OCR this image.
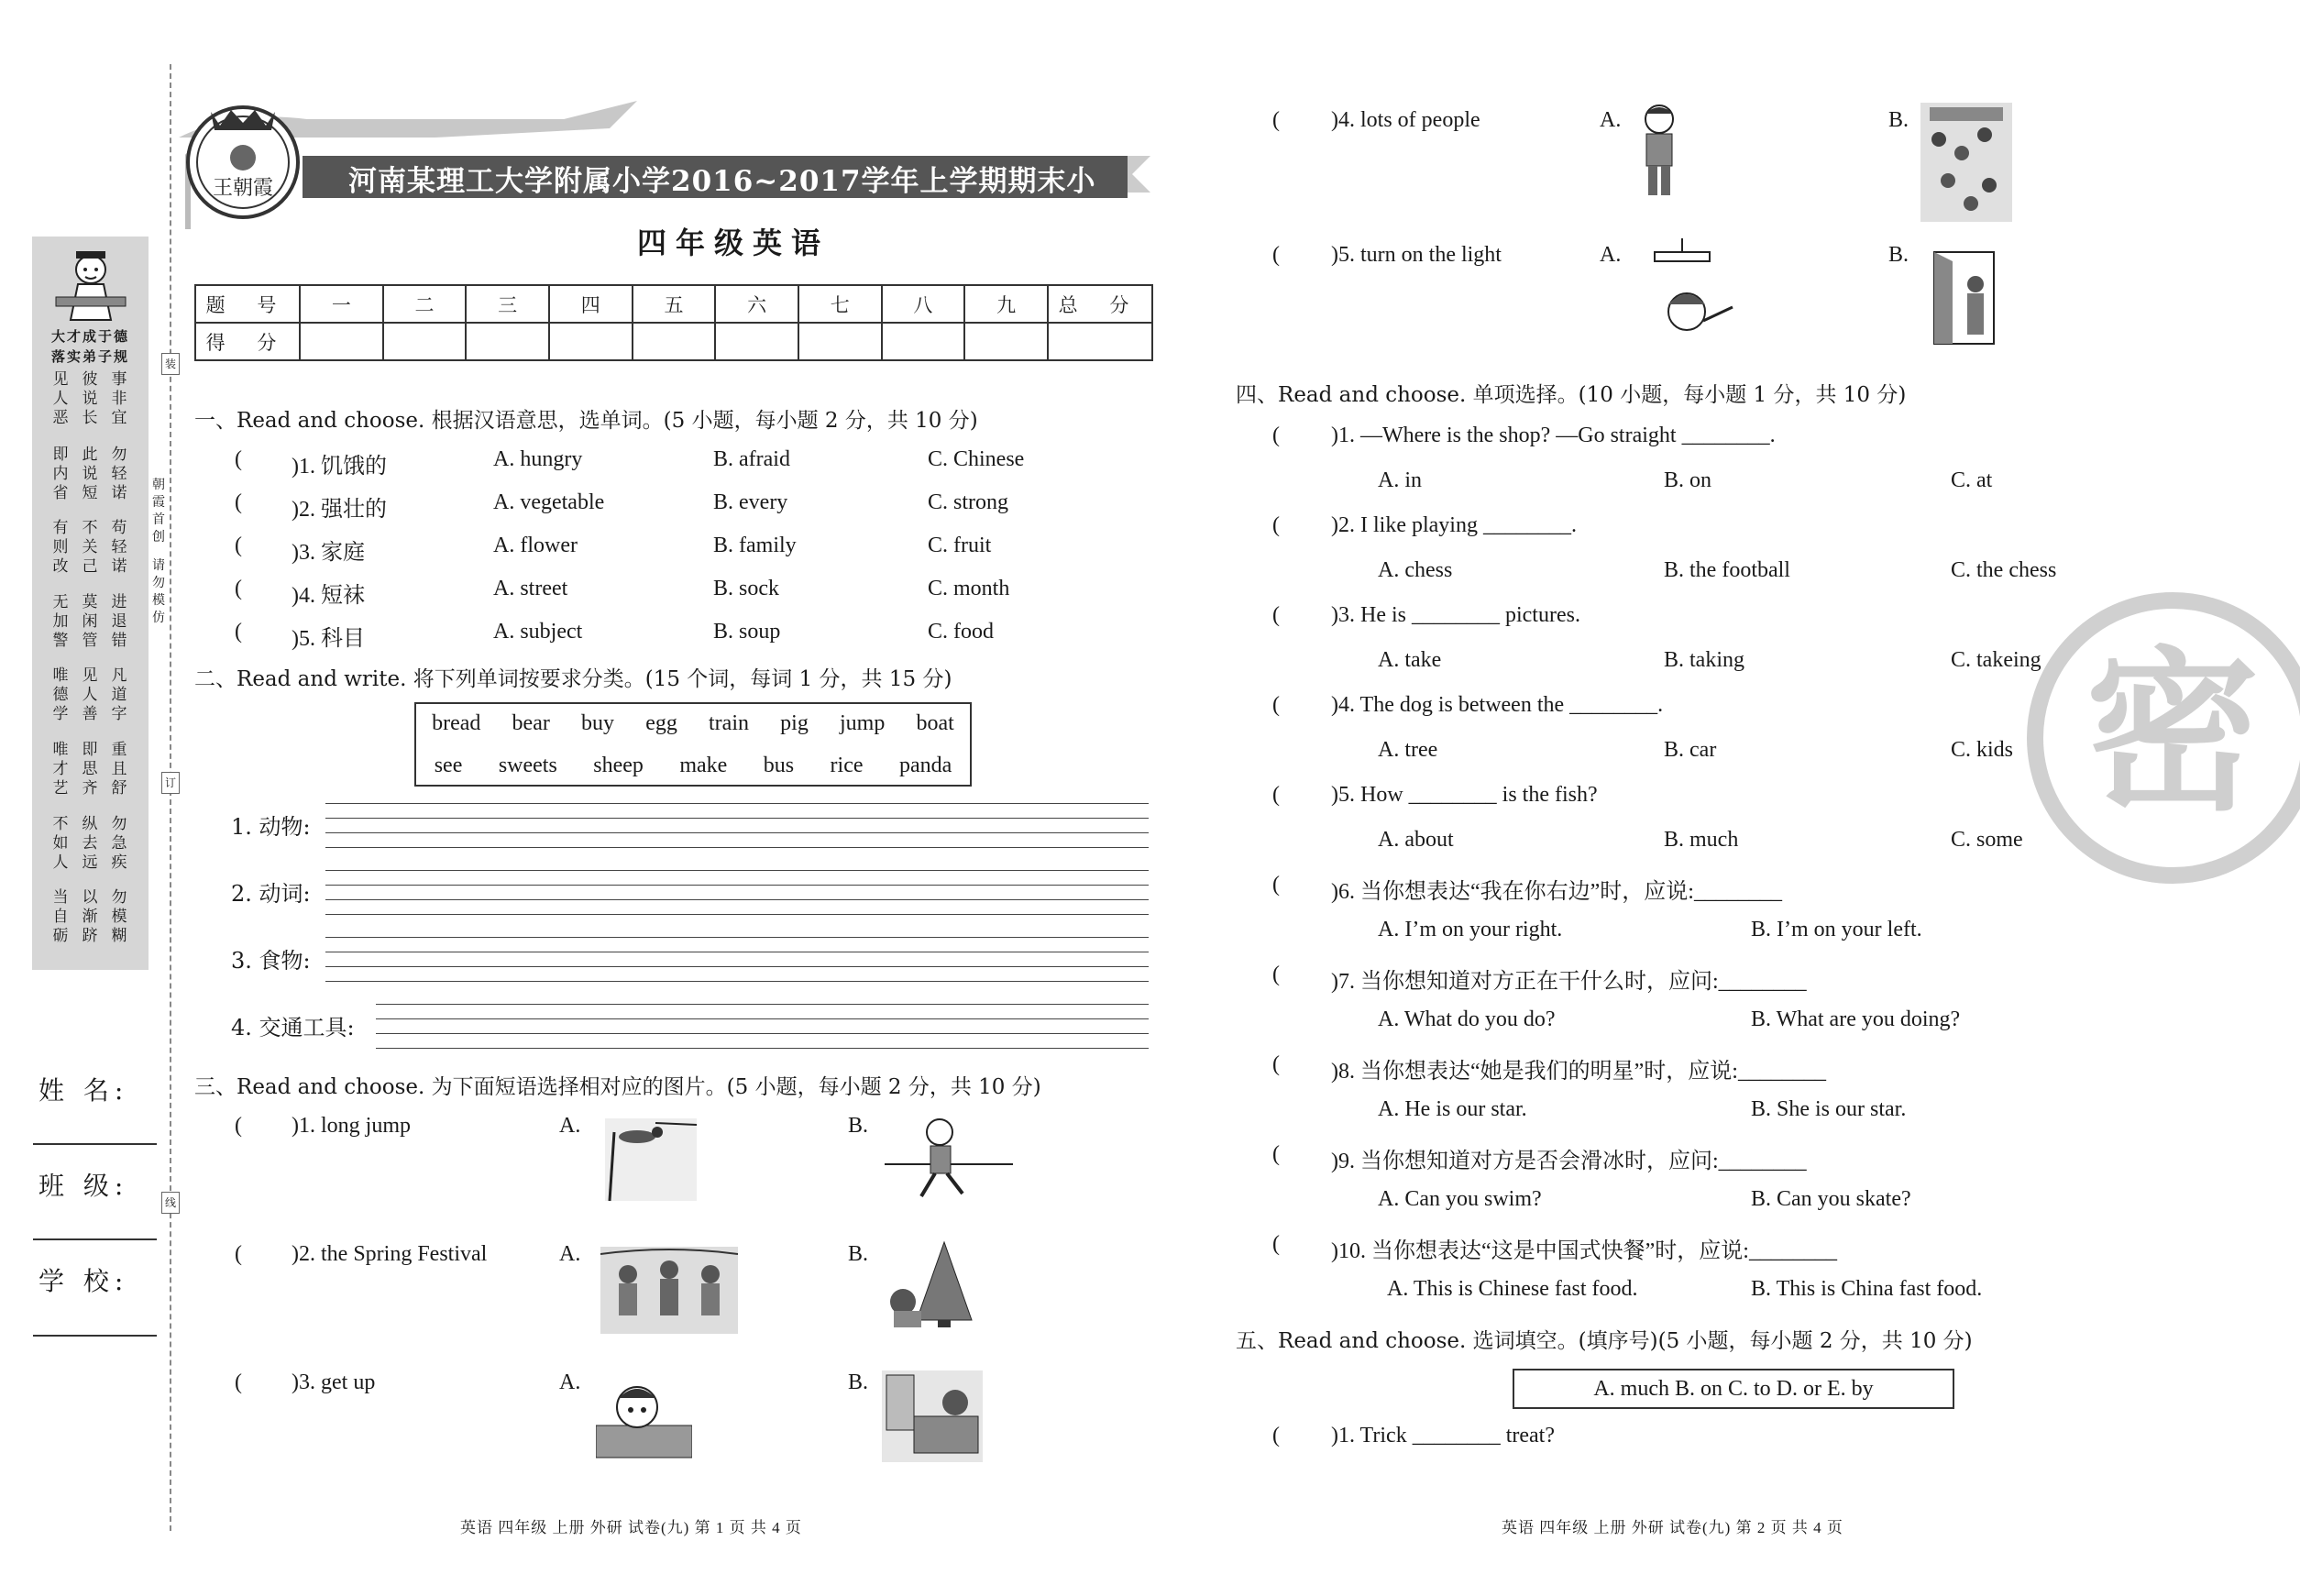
大才成于德
落实弟子规
见
人
恶
彼
说
长
事
非
宜
即
内
省
此
说
短
勿
轻
诺
有
则
改
不
关
己
苟
轻
诺
无
加
警
莫
闲
管
进
退
错
唯
德
学
见
人
善
凡
道
字
唯
才
艺
即
思
齐
重
且
舒
不
如
人
纵
去
远
勿
急
疾
当
自
砺
以
渐
跻
勿
模
糊
装
订
线
朝
霞
首
创
请
勿
模
仿
姓 名:
班 级:
学 校:
王朝霞	河南某理工大学附属小学2016~2017学年上学期期末小学素质教育检测试卷
四年级英语
题 号	一	二	三	四	五	六	七	八	九	总 分
得 分										
一、Read and choose. 根据汉语意思，选单词。(5 小题，每小题 2 分，共 10 分)
( )1. 饥饿的	A. hungry	B. afraid	C. Chinese
( )2. 强壮的	A. vegetable	B. every	C. strong
( )3. 家庭	A. flower	B. family	C. fruit
( )4. 短袜	A. street	B. sock	C. month
( )5. 科目	A. subject	B. soup	C. food
二、Read and write. 将下列单词按要求分类。(15 个词，每词 1 分，共 15 分)
bread bear buy egg train pig jump boat
see sweets sheep make bus rice panda
1. 动物:
2. 动词:
3. 食物:
4. 交通工具:
三、Read and choose. 为下面短语选择相对应的图片。(5 小题，每小题 2 分，共 10 分)
( )1. long jump	A.	B.
( )2. the Spring Festival	A.	B.
( )3. get up	A.	B.
( )4. lots of people	A.	B.
( )5. turn on the light	A.	B.
四、Read and choose. 单项选择。(10 小题，每小题 1 分，共 10 分)
( )1. —Where is the shop? —Go straight ________.
A. in	B. on	C. at
( )2. I like playing ________.
A. chess	B. the football	C. the chess
( )3. He is ________ pictures.
A. take	B. taking	C. takeing
( )4. The dog is between the ________.
A. tree	B. car	C. kids
( )5. How ________ is the fish?
A. about	B. much	C. some
密
( )6. 当你想表达“我在你右边”时，应说:________
A. I’m on your right.	B. I’m on your left.
( )7. 当你想知道对方正在干什么时，应问:________
A. What do you do?	B. What are you doing?
( )8. 当你想表达“她是我们的明星”时，应说:________
A. He is our star.	B. She is our star.
( )9. 当你想知道对方是否会滑冰时，应问:________
A. Can you swim?	B. Can you skate?
( )10. 当你想表达“这是中国式快餐”时，应说:________
A. This is Chinese fast food.	B. This is China fast food.
五、Read and choose. 选词填空。(填序号)(5 小题，每小题 2 分，共 10 分)
A. much B. on C. to D. or E. by
( )1. Trick ________ treat?
英语 四年级 上册 外研 试卷(九) 第 1 页 共 4 页	英语 四年级 上册 外研 试卷(九) 第 2 页 共 4 页
